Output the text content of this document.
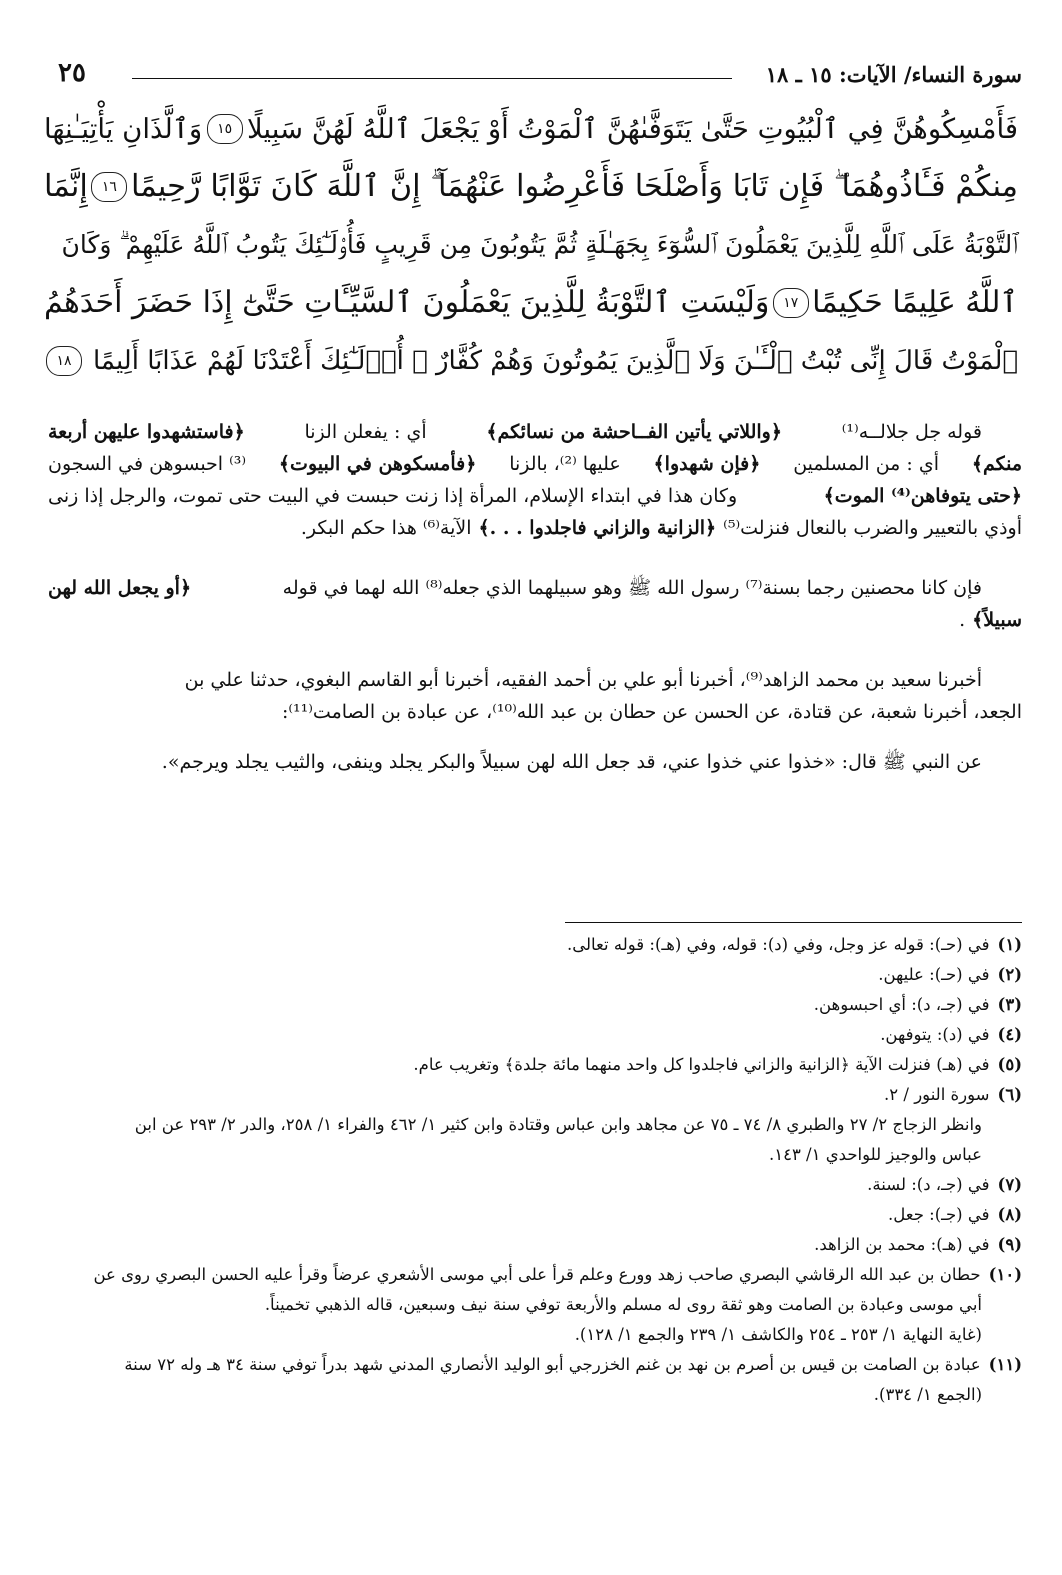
سورة النساء/ الآيات: ١٥ ـ ١٨
٢٥
فَأَمْسِكُوهُنَّ فِي ٱلْبُيُوتِ حَتَّىٰ يَتَوَفَّىٰهُنَّ ٱلْمَوْتُ أَوْ يَجْعَلَ ٱللَّهُ لَهُنَّ سَبِيلًا
١٥
وَٱلَّذَانِ يَأْتِيَـٰنِهَا
مِنكُمْ فَـَٔاذُوهُمَا ۖ فَإِن تَابَا وَأَصْلَحَا فَأَعْرِضُوا عَنْهُمَآ ۗ إِنَّ ٱللَّهَ كَانَ تَوَّابًا رَّحِيمًا
١٦
إِنَّمَا
ٱلتَّوْبَةُ عَلَى ٱللَّهِ لِلَّذِينَ يَعْمَلُونَ ٱلسُّوٓءَ بِجَهَـٰلَةٍ ثُمَّ يَتُوبُونَ مِن قَرِيبٍ فَأُو۟لَـٰٓئِكَ يَتُوبُ ٱللَّهُ عَلَيْهِمْ ۗ وَكَانَ
ٱللَّهُ عَلِيمًا حَكِيمًا
١٧
وَلَيْسَتِ ٱلتَّوْبَةُ لِلَّذِينَ يَعْمَلُونَ ٱلسَّيِّـَٔاتِ حَتَّىٰٓ إِذَا حَضَرَ أَحَدَهُمُ
ٱلْمَوْتُ قَالَ إِنِّى تُبْتُ ٱلْـَٔـٰنَ وَلَا ٱلَّذِينَ يَمُوتُونَ وَهُمْ كُفَّارٌ ۚ أُو۟لَـٰٓئِكَ أَعْتَدْنَا لَهُمْ عَذَابًا أَلِيمًا
١٨
قوله جل جلالــه⁽¹⁾
﴿واللاتي يأتين الفــاحشة من نسائكم﴾
أي : يفعلن الزنا
﴿فاستشهدوا عليهن أربعة
منكم﴾
أي : من المسلمين
﴿فإن شهدوا﴾
عليها ⁽²⁾، بالزنا
﴿فأمسكوهن في البيوت﴾
⁽³⁾ احبسوهن في السجون
﴿حتى يتوفاهن⁽⁴⁾ الموت﴾
وكان هذا في ابتداء الإسلام، المرأة إذا زنت حبست في البيت حتى تموت، والرجل إذا زنى
أوذي بالتعيير والضرب بالنعال فنزلت⁽⁵⁾
﴿الزانية والزاني فاجلدوا . . .﴾
الآية⁽⁶⁾ هذا حكم البكر.
فإن كانا محصنين رجما بسنة⁽⁷⁾ رسول الله ﷺ وهو سبيلهما الذي جعله⁽⁸⁾ الله لهما في قوله
﴿أو يجعل الله لهن
سبيلاً﴾
.
أخبرنا سعيد بن محمد الزاهد⁽⁹⁾، أخبرنا أبو علي بن أحمد الفقيه، أخبرنا أبو القاسم البغوي، حدثنا علي بن
الجعد، أخبرنا شعبة، عن قتادة، عن الحسن عن حطان بن عبد الله⁽¹⁰⁾، عن عبادة بن الصامت⁽¹¹⁾:
عن النبي ﷺ قال: «خذوا عني خذوا عني، قد جعل الله لهن سبيلاً والبكر يجلد وينفى، والثيب يجلد ويرجم».
(١)في (حـ): قوله عز وجل، وفي (د): قوله، وفي (هـ): قوله تعالى.
(٢)في (حـ): عليهن.
(٣)في (جـ، د): أي احبسوهن.
(٤)في (د): يتوفهن.
(٥)في (هـ) فنزلت الآية ﴿الزانية والزاني فاجلدوا كل واحد منهما مائة جلدة﴾ وتغريب عام.
(٦)سورة النور / ٢.
وانظر الزجاج ٢/ ٢٧ والطبري ٨/ ٧٤ ـ ٧٥ عن مجاهد وابن عباس وقتادة وابن كثير ١/ ٤٦٢ والفراء ١/ ٢٥٨، والدر ٢/ ٢٩٣ عن ابن
عباس والوجيز للواحدي ١/ ١٤٣.
(٧)في (جـ، د): لسنة.
(٨)في (جـ): جعل.
(٩)في (هـ): محمد بن الزاهد.
(١٠)حطان بن عبد الله الرقاشي البصري صاحب زهد وورع وعلم قرأ على أبي موسى الأشعري عرضاً وقرأ عليه الحسن البصري روى عن
أبي موسى وعبادة بن الصامت وهو ثقة روى له مسلم والأربعة توفي سنة نيف وسبعين، قاله الذهبي تخميناً.
(غاية النهاية ١/ ٢٥٣ ـ ٢٥٤ والكاشف ١/ ٢٣٩ والجمع ١/ ١٢٨).
(١١)عبادة بن الصامت بن قيس بن أصرم بن نهد بن غنم الخزرجي أبو الوليد الأنصاري المدني شهد بدراً توفي سنة ٣٤ هـ وله ٧٢ سنة
(الجمع ١/ ٣٣٤).
